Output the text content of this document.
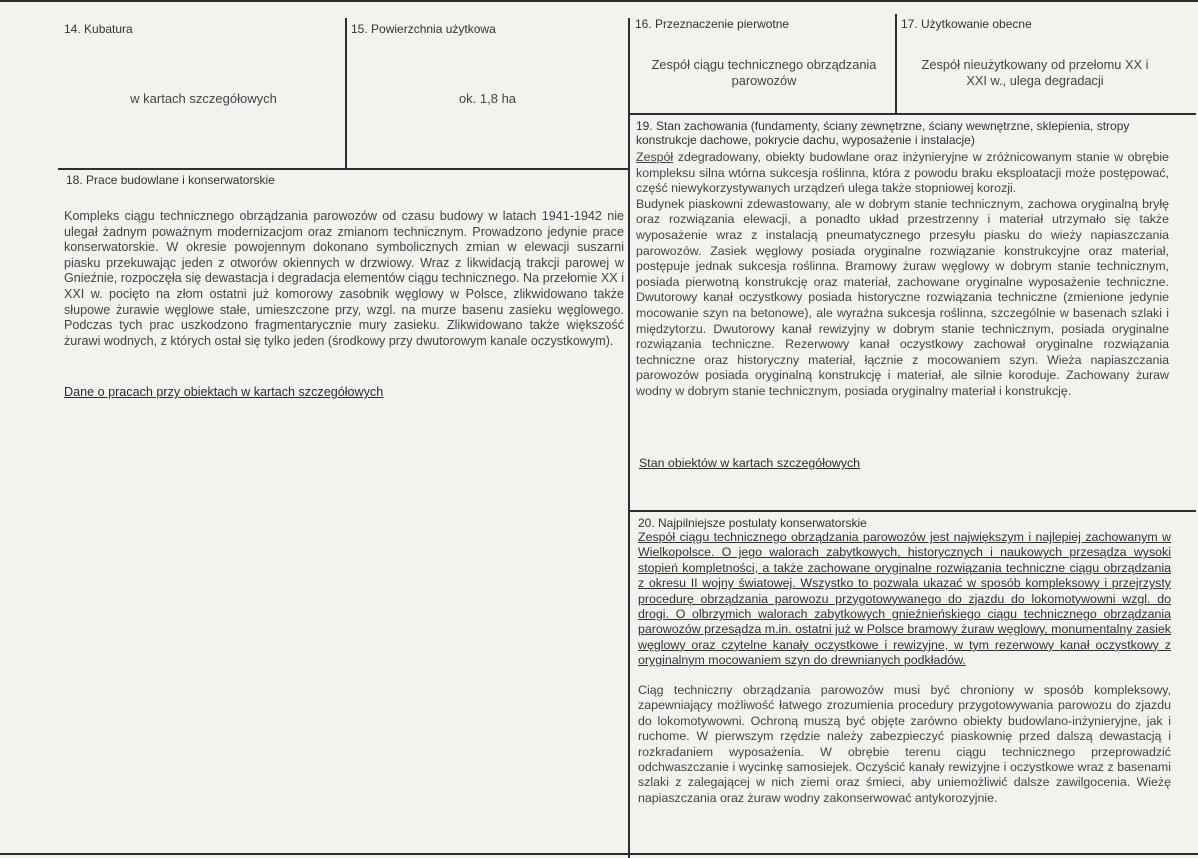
14. Kubatura
w kartach szczegółowych
15. Powierzchnia użytkowa
ok. 1,8 ha
16. Przeznaczenie pierwotne
Zespół ciągu technicznego obrządzania parowozów
17. Użytkowanie obecne
Zespół nieużytkowany od przełomu XX i XXI w., ulega degradacji
18. Prace budowlane i konserwatorskie
Kompleks ciągu technicznego obrządzania parowozów od czasu budowy w latach 1941-1942 nie ulegał żadnym poważnym modernizacjom oraz zmianom technicznym. Prowadzono jedynie prace konserwatorskie. W okresie powojennym dokonano symbolicznych zmian w elewacji suszarni piasku przekuwając jeden z otworów okiennych w drzwiowy. Wraz z likwidacją trakcji parowej w Gnieźnie, rozpoczęła się dewastacja i degradacja elementów ciągu technicznego. Na przełomie XX i XXI w. pocięto na złom ostatni już komorowy zasobnik węglowy w Polsce, zlikwidowano także słupowe żurawie węglowe stałe, umieszczone przy, wzgl. na murze basenu zasieku węglowego. Podczas tych prac uszkodzono fragmentarycznie mury zasieku. Zlikwidowano także większość żurawi wodnych, z których ostał się tylko jeden (środkowy przy dwutorowym kanale oczystkowym).
Dane o pracach przy obiektach w kartach szczegółowych
19. Stan zachowania (fundamenty, ściany zewnętrzne, ściany wewnętrzne, sklepienia, stropy konstrukcje dachowe, pokrycie dachu, wyposażenie i instalacje)

Zespół zdegradowany, obiekty budowlane oraz inżynieryjne w zróżnicowanym stanie w obrębie kompleksu silna wtórna sukcesja roślinna, która z powodu braku eksploatacji może postępować, część niewykorzystywanych urządzeń ulega także stopniowej korozji.

Budynek piaskowni zdewastowany, ale w dobrym stanie technicznym, zachowa oryginalną bryłę oraz rozwiązania elewacji, a ponadto układ przestrzenny i materiał utrzymało się także wyposażenie wraz z instalacją pneumatycznego przesyłu piasku do wieży napiaszczania parowozów. Zasiek węglowy posiada oryginalne rozwiązanie konstrukcyjne oraz materiał, postępuje jednak sukcesja roślinna. Bramowy żuraw węglowy w dobrym stanie technicznym, posiada pierwotną konstrukcję oraz materiał, zachowane oryginalne wyposażenie techniczne. Dwutorowy kanał oczystkowy posiada historyczne rozwiązania techniczne (zmienione jedynie mocowanie szyn na betonowe), ale wyraźna sukcesja roślinna, szczególnie w basenach szlaki i międzytorzu. Dwutorowy kanał rewizyjny w dobrym stanie technicznym, posiada oryginalne rozwiązania techniczne. Rezerwowy kanał oczystkowy zachował oryginalne rozwiązania techniczne oraz historyczny materiał, łącznie z mocowaniem szyn. Wieża napiaszczania parowozów posiada oryginalną konstrukcję i materiał, ale silnie koroduje. Zachowany żuraw wodny w dobrym stanie technicznym, posiada oryginalny materiał i konstrukcję.

Stan obiektów w kartach szczegółowych
20. Najpilniejsze postulaty konserwatorskie
Zespół ciągu technicznego obrządzania parowozów jest największym i najlepiej zachowanym w Wielkopolsce. O jego walorach zabytkowych, historycznych i naukowych przesądza wysoki stopień kompletności, a także zachowane oryginalne rozwiązania techniczne ciągu obrządzania z okresu II wojny światowej. Wszystko to pozwala ukazać w sposób kompleksowy i przejrzysty procedurę obrządzania parowozu przygotowywanego do zjazdu do lokomotywowni wzgl. do drogi. O olbrzymich walorach zabytkowych gnieźnieńskiego ciągu technicznego obrządzania parowozów przesądza m.in. ostatni już w Polsce bramowy żuraw węglowy, monumentalny zasiek węglowy oraz czytelne kanały oczystkowe i rewizyjne, w tym rezerwowy kanał oczystkowy z oryginalnym mocowaniem szyn do drewnianych podkładów.
Ciąg techniczny obrządzania parowozów musi być chroniony w sposób kompleksowy, zapewniający możliwość łatwego zrozumienia procedury przygotowywania parowozu do zjazdu do lokomotywowni. Ochroną muszą być objęte zarówno obiekty budowlano-inżynieryjne, jak i ruchome. W pierwszym rzędzie należy zabezpieczyć piaskownię przed dalszą dewastacją i rozkradaniem wyposażenia. W obrębie terenu ciągu technicznego przeprowadzić odchwaszczanie i wycinkę samosiejek. Oczyścić kanały rewizyjne i oczystkowe wraz z basenami szlaki z zalegającej w nich ziemi oraz śmieci, aby uniemożliwić dalsze zawilgocenia. Wieżę napiaszczania oraz żuraw wodny zakonserwować antykorozyjnie.
